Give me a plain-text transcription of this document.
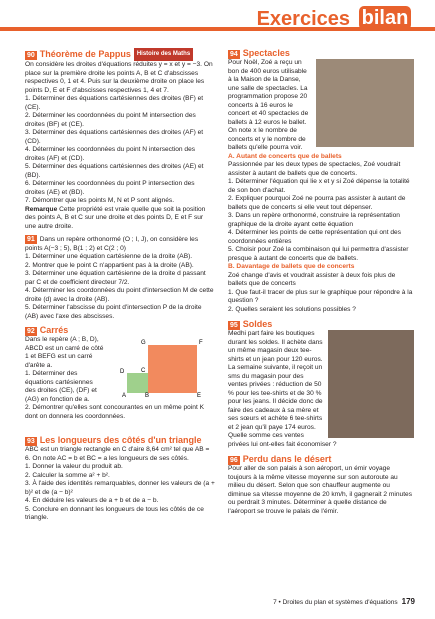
Exercices bilan
90 Théorème de Pappus Histoire des Maths

On considère les droites d'équations réduites y = x et y = −3. On place sur la première droite les points A, B et C d'abscisses respectives 0, 1 et 4. Puis sur la deuxième droite on place les points D, E et F d'abscisses respectives 1, 4 et 7.

1. Déterminer des équations cartésiennes des droites (BF) et (CE).

2. Déterminer les coordonnées du point M intersection des droites (BF) et (CE).

3. Déterminer des équations cartésiennes des droites (AF) et (CD).

4. Déterminer les coordonnées du point N intersection des droites (AF) et (CD).

5. Déterminer des équations cartésiennes des droites (AE) et (BD).

6. Déterminer les coordonnées du point P intersection des droites (AE) et (BD).

7. Démontrer que les points M, N et P sont alignés.

Remarque Cette propriété est vraie quelle que soit la position des points A, B et C sur une droite et des points D, E et F sur une autre droite.

91 Dans un repère orthonormé (O ; I, J), on considère les points A(−3 ; 5), B(1 ; 2) et C(2 ; 0)

1. Déterminer une équation cartésienne de la droite (AB).

2. Montrer que le point C n'appartient pas à la droite (AB).

3. Déterminer une équation cartésienne de la droite d passant par C et de coefficient directeur 7/2.

4. Déterminer les coordonnées du point d'intersection M de cette droite (d) avec la droite (AB).

5. Déterminer l'abscisse du point d'intersection P de la droite (AB) avec l'axe des abscisses.

92 Carrés

Dans le repère (A ; B, D), ABCD est un carré de côté 1 et BEFG est un carré d'arête a.

G	F
D	C
A	B	E

1. Déterminer des équations cartésiennes des droites (CE), (DF) et (AG) en fonction de a.

2. Démontrer qu'elles sont concourantes en un même point K dont on donnera les coordonnées.

93 Les longueurs des côtés d'un triangle

ABC est un triangle rectangle en C d'aire 8,64 cm² tel que AB = 6. On note AC = b et BC = a les longueurs de ses côtés.

1. Donner la valeur du produit ab.

2. Calculer la somme a² + b².

3. À l'aide des identités remarquables, donner les valeurs de (a + b)² et de (a − b)²

4. En déduire les valeurs de a + b et de a − b.

5. Conclure en donnant les longueurs de tous les côtés de ce triangle.

94 Spectacles

Pour Noël, Zoé a reçu un bon de 400 euros utilisable à la Maison de la Danse, une salle de spectacles. La programmation propose 20 concerts à 16 euros le concert et 40 spectacles de ballets à 12 euros le ballet. On note x le nombre de concerts et y le nombre de ballets qu'elle pourra voir.

A. Autant de concerts que de ballets

Passionnée par les deux types de spectacles, Zoé voudrait assister à autant de ballets que de concerts.

1. Déterminer l'équation qui lie x et y si Zoé dépense la totalité de son bon d'achat.

2. Expliquer pourquoi Zoé ne pourra pas assister à autant de ballets que de concerts si elle veut tout dépenser.

3. Dans un repère orthonormé, construire la représentation graphique de la droite ayant cette équation

4. Déterminer les points de cette représentation qui ont des coordonnées entières

5. Choisir pour Zoé la combinaison qui lui permettra d'assister presque à autant de concerts que de ballets.

B. Davantage de ballets que de concerts

Zoé change d'avis et voudrait assister à deux fois plus de ballets que de concerts

1. Que faut-il tracer de plus sur le graphique pour répondre à la question ?

2. Quelles seraient les solutions possibles ?

95 Soldes

Medhi part faire les boutiques durant les soldes. Il achète dans un même magasin deux tee-shirts et un jean pour 120 euros. La semaine suivante, il reçoit un sms du magasin pour des ventes privées : réduction de 50 % pour les tee-shirts et de 30 % pour les jeans. Il décide donc de faire des cadeaux à sa mère et ses sœurs et achète 6 tee-shirts et 2 jean qu'il paye 174 euros. Quelle somme ces ventes privées lui ont-elles fait économiser ?

96 Perdu dans le désert

Pour aller de son palais à son aéroport, un émir voyage toujours à la même vitesse moyenne sur son autoroute au milieu du désert. Selon que son chauffeur augmente ou diminue sa vitesse moyenne de 20 km/h, il gagnerait 2 minutes ou perdrait 3 minutes. Déterminer à quelle distance de l'aéroport se trouve le palais de l'émir.

7 • Droites du plan et systèmes d'équations 179
